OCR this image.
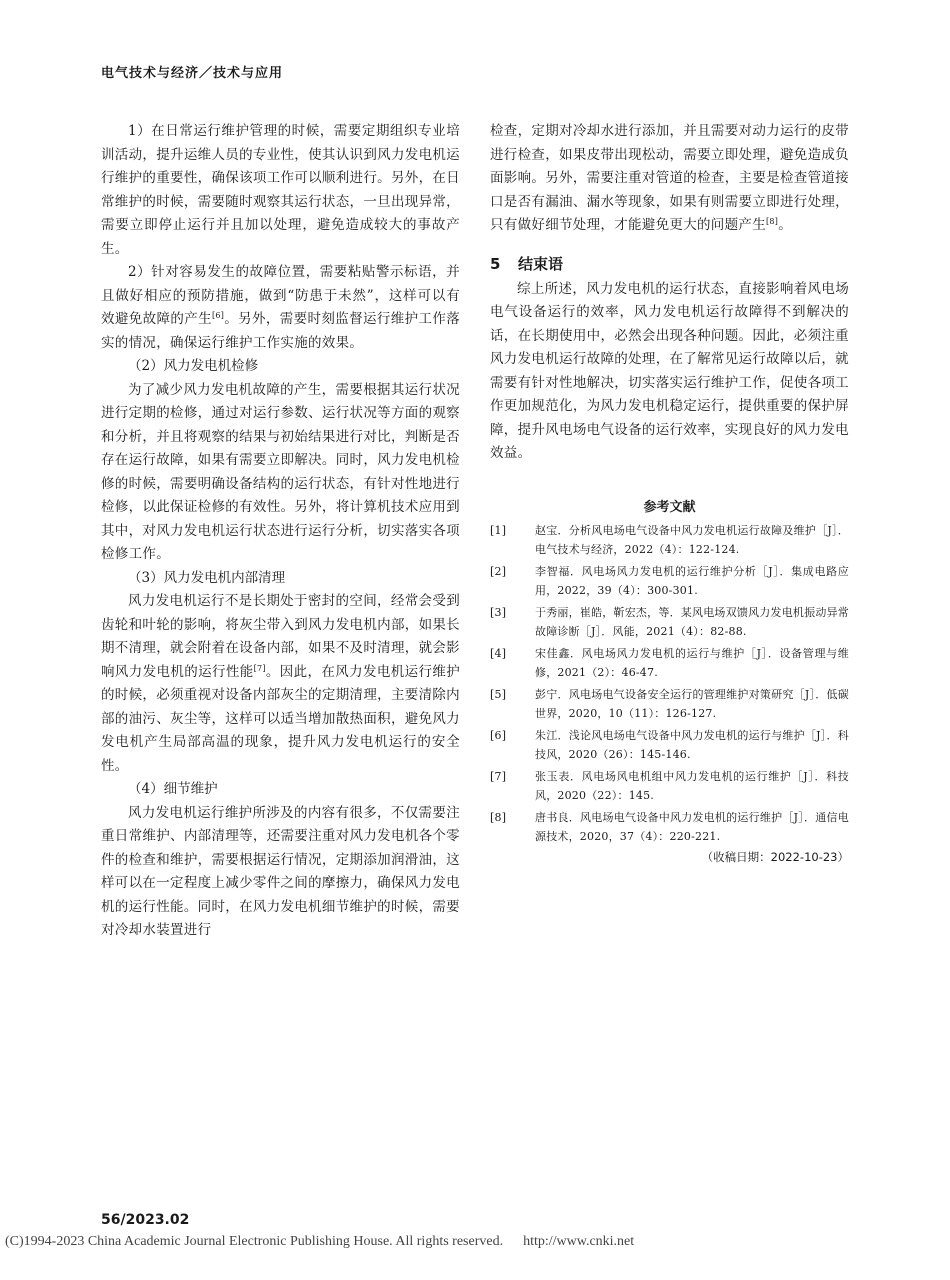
电气技术与经济／技术与应用

1）在日常运行维护管理的时候，需要定期组织专业培训活动，提升运维人员的专业性，使其认识到风力发电机运行维护的重要性，确保该项工作可以顺利进行。另外，在日常维护的时候，需要随时观察其运行状态，一旦出现异常，需要立即停止运行并且加以处理，避免造成较大的事故产生。

2）针对容易发生的故障位置，需要粘贴警示标语，并且做好相应的预防措施，做到“防患于未然”，这样可以有效避免故障的产生[6]。另外，需要时刻监督运行维护工作落实的情况，确保运行维护工作实施的效果。

（2）风力发电机检修

为了减少风力发电机故障的产生，需要根据其运行状况进行定期的检修，通过对运行参数、运行状况等方面的观察和分析，并且将观察的结果与初始结果进行对比，判断是否存在运行故障，如果有需要立即解决。同时，风力发电机检修的时候，需要明确设备结构的运行状态，有针对性地进行检修，以此保证检修的有效性。另外，将计算机技术应用到其中，对风力发电机运行状态进行运行分析，切实落实各项检修工作。

（3）风力发电机内部清理

风力发电机运行不是长期处于密封的空间，经常会受到齿轮和叶轮的影响，将灰尘带入到风力发电机内部，如果长期不清理，就会附着在设备内部，如果不及时清理，就会影响风力发电机的运行性能[7]。因此，在风力发电机运行维护的时候，必须重视对设备内部灰尘的定期清理，主要清除内部的油污、灰尘等，这样可以适当增加散热面积，避免风力发电机产生局部高温的现象，提升风力发电机运行的安全性。

（4）细节维护

风力发电机运行维护所涉及的内容有很多，不仅需要注重日常维护、内部清理等，还需要注重对风力发电机各个零件的检查和维护，需要根据运行情况，定期添加润滑油，这样可以在一定程度上减少零件之间的摩擦力，确保风力发电机的运行性能。同时，在风力发电机细节维护的时候，需要对冷却水装置进行

检查，定期对冷却水进行添加，并且需要对动力运行的皮带进行检查，如果皮带出现松动，需要立即处理，避免造成负面影响。另外，需要注重对管道的检查，主要是检查管道接口是否有漏油、漏水等现象，如果有则需要立即进行处理，只有做好细节处理，才能避免更大的问题产生[8]。

5 结束语

综上所述，风力发电机的运行状态，直接影响着风电场电气设备运行的效率，风力发电机运行故障得不到解决的话，在长期使用中，必然会出现各种问题。因此，必须注重风力发电机运行故障的处理，在了解常见运行故障以后，就需要有针对性地解决，切实落实运行维护工作，促使各项工作更加规范化，为风力发电机稳定运行，提供重要的保护屏障，提升风电场电气设备的运行效率，实现良好的风力发电效益。

参考文献
[1]	赵宝．分析风电场电气设备中风力发电机运行故障及维护［J］．电气技术与经济，2022（4）：122-124.
[2]	李智福．风电场风力发电机的运行维护分析［J］．集成电路应用，2022，39（4）：300-301.
[3]	于秀丽，崔皓，靳宏杰，等．某风电场双馈风力发电机振动异常故障诊断［J］．风能，2021（4）：82-88.
[4]	宋佳鑫．风电场风力发电机的运行与维护［J］．设备管理与维修，2021（2）：46-47.
[5]	彭宁．风电场电气设备安全运行的管理维护对策研究［J］．低碳世界，2020，10（11）：126-127.
[6]	朱江．浅论风电场电气设备中风力发电机的运行与维护［J］．科技风，2020（26）：145-146.
[7]	张玉表．风电场风电机组中风力发电机的运行维护［J］．科技风，2020（22）：145.
[8]	唐书良．风电场电气设备中风力发电机的运行维护［J］．通信电源技术，2020，37（4）：220-221.
（收稿日期：2022-10-23）
56/2023.02
(C)1994-2023 China Academic Journal Electronic Publishing House. All rights reserved. http://www.cnki.net
